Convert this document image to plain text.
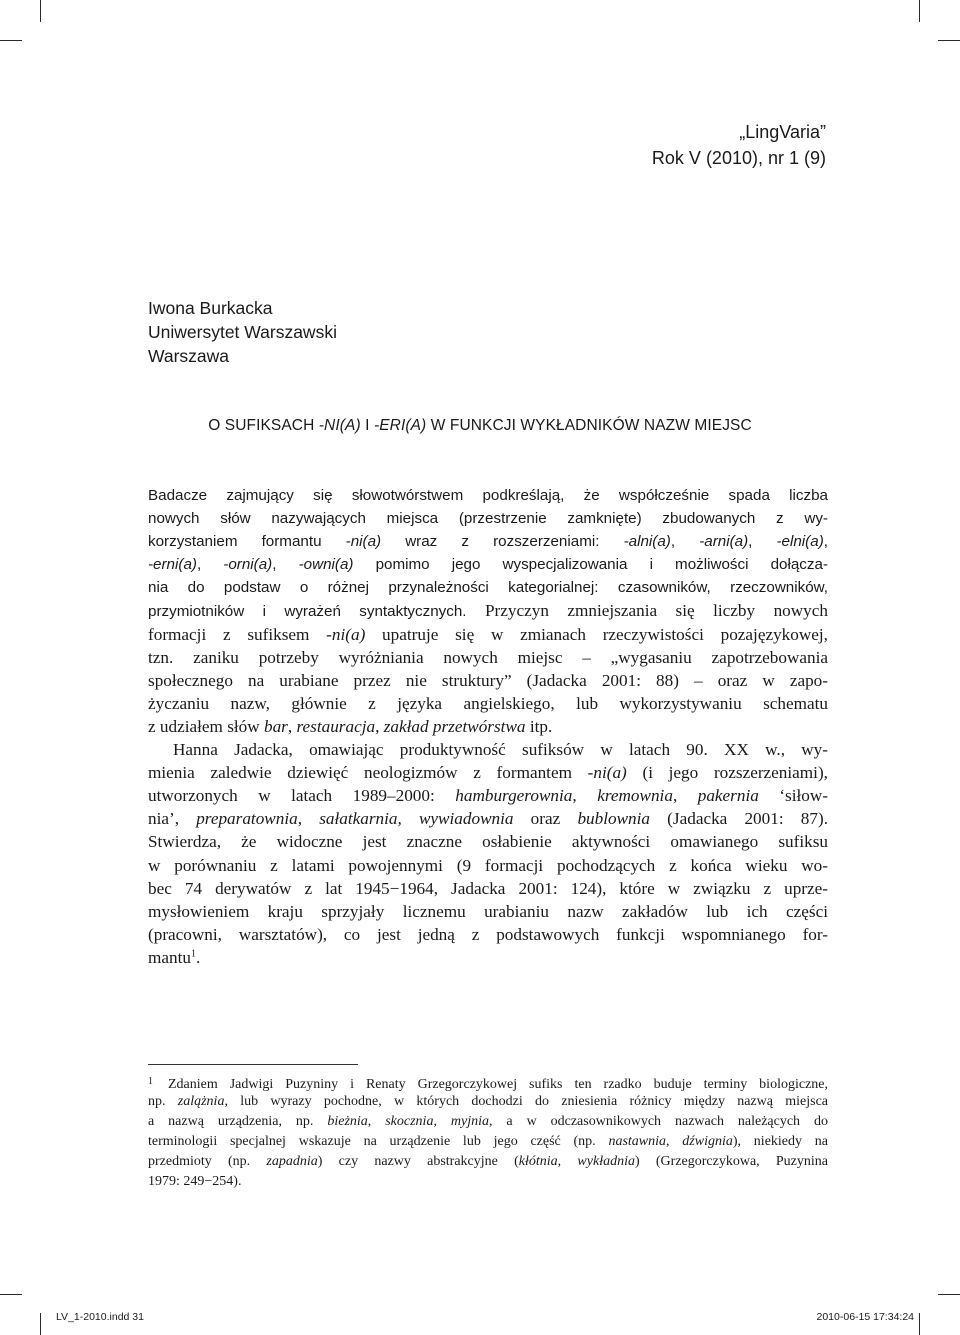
„LingVaria”
Rok V (2010), nr 1 (9)
Iwona Burkacka
Uniwersytet Warszawski
Warszawa
O SUFIKSACH -NI(A) I -ERI(A) W FUNKCJI WYKŁADNIKÓW NAZW MIEJSC
Badacze zajmujący się słowotwórstwem podkreślają, że współcześnie spada liczba
nowych słów nazywających miejsca (przestrzenie zamknięte) zbudowanych z wy-
korzystaniem formantu -ni(a) wraz z rozszerzeniami: -alni(a), -arni(a), -elni(a),
-erni(a), -orni(a), -owni(a) pomimo jego wyspecjalizowania i możliwości dołącza-
nia do podstaw o różnej przynależności kategorialnej: czasowników, rzeczowników,
przymiotników i wyrażeń syntaktycznych. Przyczyn zmniejszania się liczby nowych
formacji z sufiksem -ni(a) upatruje się w zmianach rzeczywistości pozajęzykowej,
tzn. zaniku potrzeby wyróżniania nowych miejsc – „wygasaniu zapotrzebowania
społecznego na urabiane przez nie struktury” (Jadacka 2001: 88) – oraz w zapo-
życzaniu nazw, głównie z języka angielskiego, lub wykorzystywaniu schematu
z udziałem słów bar, restauracja, zakład przetwórstwa itp.
Hanna Jadacka, omawiając produktywność sufiksów w latach 90. XX w., wy-
mienia zaledwie dziewięć neologizmów z formantem -ni(a) (i jego rozszerzeniami),
utworzonych w latach 1989–2000: hamburgerownia, kremownia, pakernia ‘siłow-
nia’, preparatownia, sałatkarnia, wywiadownia oraz bublownia (Jadacka 2001: 87).
Stwierdza, że widoczne jest znaczne osłabienie aktywności omawianego sufiksu
w porównaniu z latami powojennymi (9 formacji pochodzących z końca wieku wo-
bec 74 derywatów z lat 1945−1964, Jadacka 2001: 124), które w związku z uprze-
mysłowieniem kraju sprzyjały licznemu urabianiu nazw zakładów lub ich części
(pracowni, warsztatów), co jest jedną z podstawowych funkcji wspomnianego for-
mantu$^1$.
1 Zdaniem Jadwigi Puzyniny i Renaty Grzegorczykowej sufiks ten rzadko buduje terminy biologiczne,
np. zalążnia, lub wyrazy pochodne, w których dochodzi do zniesienia różnicy między nazwą miejsca
a nazwą urządzenia, np. bieżnia, skocznia, myjnia, a w odczasownikowych nazwach należących do
terminologii specjalnej wskazuje na urządzenie lub jego część (np. nastawnia, dźwignia), niekiedy na
przedmioty (np. zapadnia) czy nazwy abstrakcyjne (kłótnia, wykładnia) (Grzegorczykowa, Puzynina
1979: 249−254).
LV_1-2010.indd 31	2010-06-15 17:34:24
